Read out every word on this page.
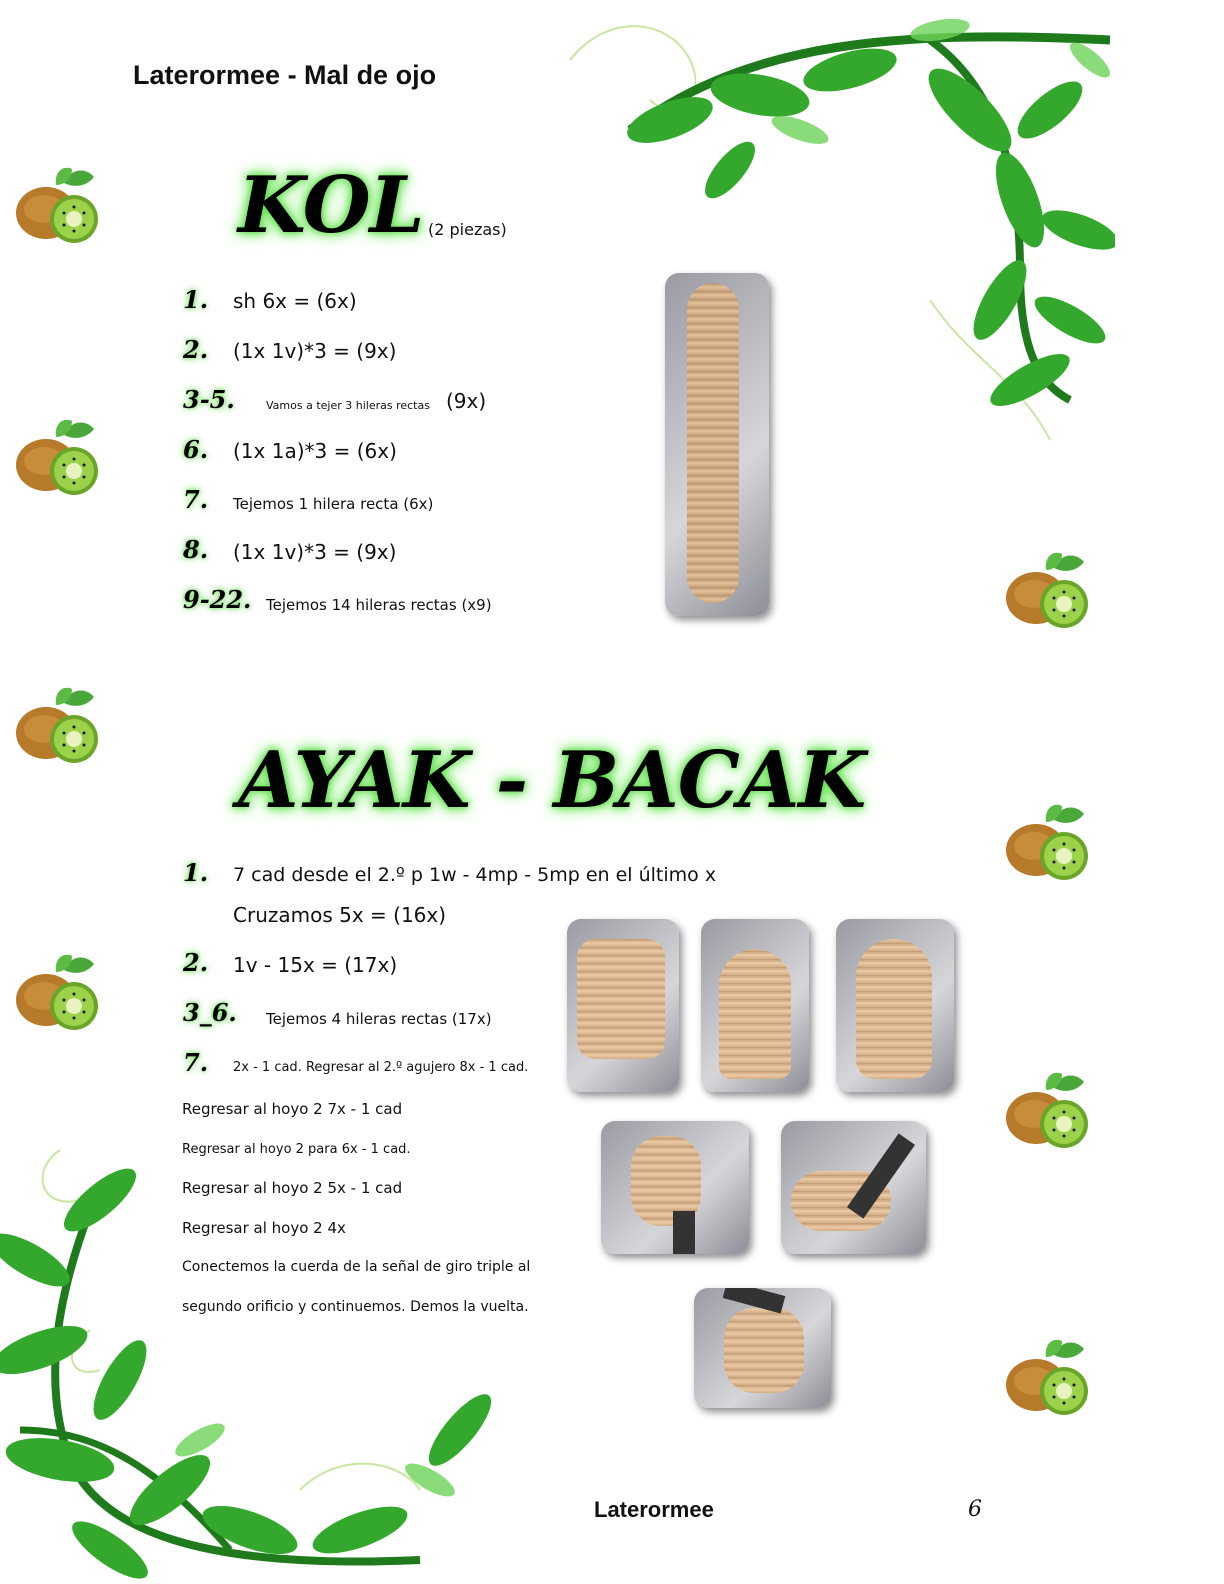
Laterormee - Mal de ojo
KOL (2 piezas)
1. sh 6x = (6x)
2. (1x 1v)*3 = (9x)
3-5.	Vamos a tejer 3 hileras rectas (9x)
6. (1x 1a)*3 = (6x)
7. Tejemos 1 hilera recta (6x)
8. (1x 1v)*3 = (9x)
9-22. Tejemos 14 hileras rectas (x9)
AYAK - BACAK
1. 7 cad desde el 2.º p 1w - 4mp - 5mp en el último x
Cruzamos 5x = (16x)
2. 1v - 15x = (17x)
3_6. Tejemos 4 hileras rectas (17x)
7. 2x - 1 cad. Regresar al 2.º agujero 8x - 1 cad.
Regresar al hoyo 2 7x - 1 cad
Regresar al hoyo 2 para 6x - 1 cad.
Regresar al hoyo 2 5x - 1 cad
Regresar al hoyo 2 4x
Conectemos la cuerda de la señal de giro triple al
segundo orificio y continuemos. Demos la vuelta.
Laterormee	6
